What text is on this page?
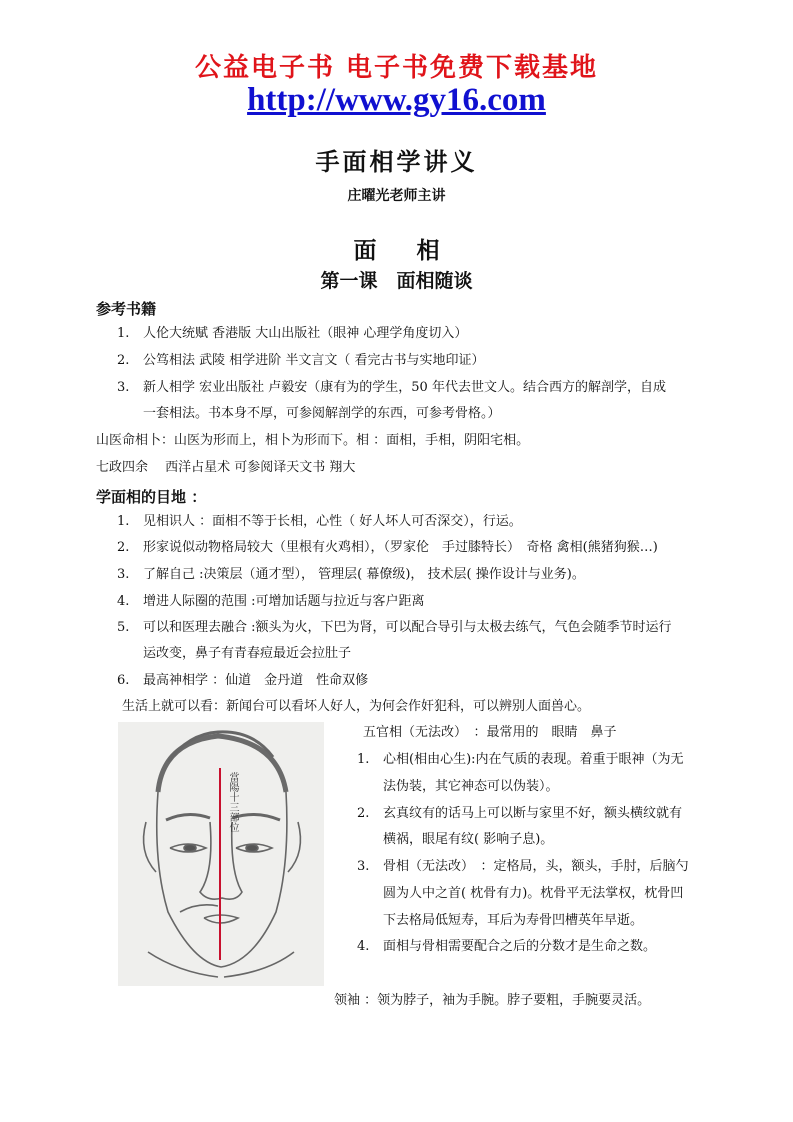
公益电子书 电子书免费下载基地
http://www.gy16.com
手面相学讲义
庄曜光老师主讲
面 相
第一课　面相随谈
参考书籍
1. 人伦大统赋 香港版 大山出版社（眼神 心理学角度切入）
2. 公笃相法 武陵 相学进阶 半文言文（ 看完古书与实地印证）
3. 新人相学 宏业出版社 卢毅安（康有为的学生，50 年代去世文人。结合西方的解剖学，自成
一套相法。书本身不厚，可参阅解剖学的东西，可参考骨格。）
山医命相卜：山医为形而上，相卜为形而下。相 ：面相，手相，阴阳宅相。
七政四余　 西洋占星术 可参阅译天文书 翔大
学面相的目地 ：
1. 见相识人 ：面相不等于长相，心性（ 好人坏人可否深交），行运。
2. 形家说似动物格局较大（里根有火鸡相），（罗家伦　手过膝特长）　奇格 禽相(熊猪狗猴…)
3. 了解自己 :决策层（通才型）， 管理层( 幕僚级)， 技术层( 操作设计与业务)。
4. 增进人际圈的范围 :可增加话题与拉近与客户距离
5. 可以和医理去融合 :额头为火，下巴为肾，可以配合导引与太极去练气，气色会随季节时运行
运改变，鼻子有青春痘最近会拉肚子
6. 最高神相学 ：仙道　金丹道　性命双修
生活上就可以看：新闻台可以看坏人好人，为何会作奸犯科，可以辨别人面兽心。
當陽十三部位
五官相（无法改）　：最常用的　眼睛　鼻子
1. 心相(相由心生):内在气质的表现。着重于眼神（为无
法伪装，其它神态可以伪装）。
2. 玄真纹有的话马上可以断与家里不好，额头横纹就有
横祸，眼尾有纹( 影响子息)。
3. 骨相（无法改）　：定格局，头，额头，手肘，后脑勺
圆为人中之首( 枕骨有力)。枕骨平无法掌权，枕骨凹
下去格局低短寿，耳后为寿骨凹槽英年早逝。
4. 面相与骨相需要配合之后的分数才是生命之数。
领袖 ：领为脖子，袖为手腕。脖子要粗，手腕要灵活。
